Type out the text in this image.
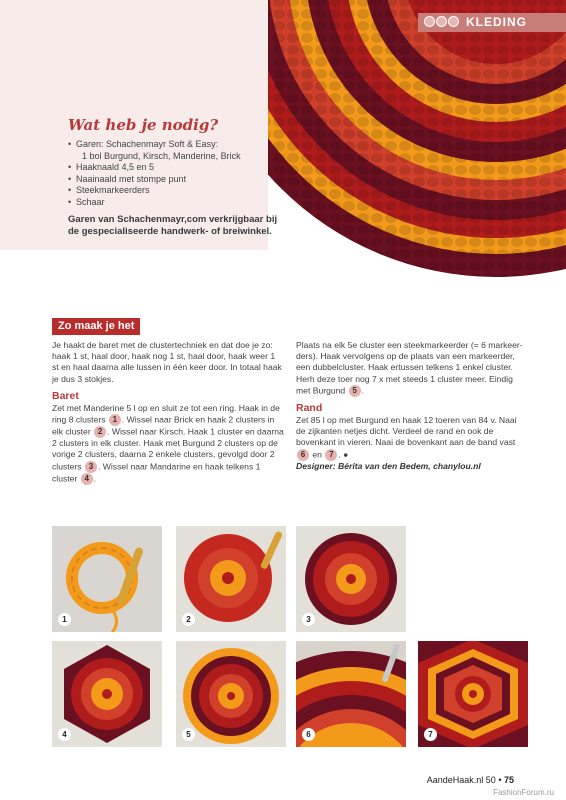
KLEDING
Wat heb je nodig?
• Garen: Schachenmayr Soft & Easy:
1 bol Burgund, Kirsch, Manderine, Brick
• Haaknaald 4,5 en 5
• Naainaald met stompe punt
• Steekmarkeerders
• Schaar
Garen van Schachenmayr,com verkrijgbaar bij de gespecialiseerde handwerk- of breiwinkel.
Zo maak je het

Je haakt de baret met de clustertechniek en dat doe je zo: haak 1 st, haal door, haak nog 1 st, haal door, haak weer 1 st en haal daarna alle lussen in één keer door. In totaal haak je dus 3 stokjes.

Baret

Zet met Manderine 5 l op en sluit ze tot een ring. Haak in de ring 8 clusters 1 . Wissel naar Brick en haak 2 clusters in elk cluster 2 . Wissel naar Kirsch. Haak 1 cluster en daarna 2 clusters in elk cluster. Haak met Burgund 2 clusters op de vorige 2 clusters, daarna 2 enkele clusters, gevolgd door 2 clusters 3 . Wissel naar Mandarine en haak telkens 1 cluster 4 .

Plaats na elk 5e cluster een steekmarkeerder (= 6 markeerders). Haak vervolgens op de plaats van een markeerder, een dubbelcluster. Haak ertussen telkens 1 enkel cluster. Herh deze toer nog 7 x met steeds 1 cluster meer. Eindig met Burgund 5 .

Rand

Zet 85 l op met Burgund en haak 12 toeren van 84 v. Naai de zijkanten netjes dicht. Verdeel de rand en ook de bovenkant in vieren. Naai de bovenkant aan de band vast 6 en 7 . ●
Designer: Bérita van den Bedem, chanylou.nl

1	2	3
4	5	6	7
AandeHaak.nl 50 • 75
FashionForum.ru
